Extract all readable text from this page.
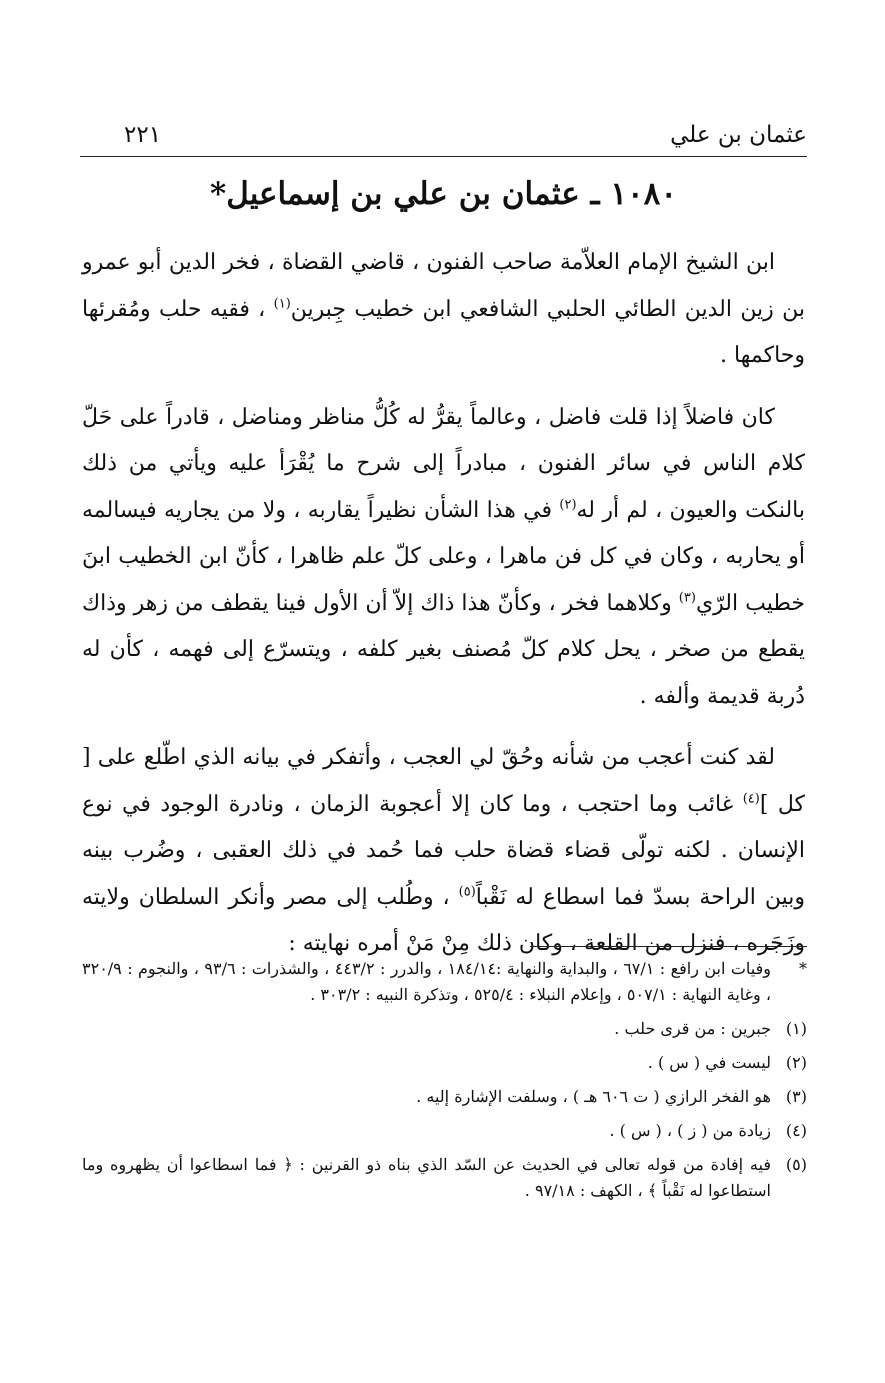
عثمان بن علي
٢٢١
١٠٨٠ ـ عثمان بن علي بن إسماعيل*

ابن الشيخ الإمام العلاّمة صاحب الفنون ، قاضي القضاة ، فخر الدين أبو عمرو بن زين الدين الطائي الحلبي الشافعي ابن خطيب جِبرين$^{(١)}$ ، فقيه حلب ومُقرئها وحاكمها .

كان فاضلاً إذا قلت فاضل ، وعالماً يقرُّ له كُلُّ مناظر ومناضل ، قادراً على حَلّ كلام الناس في سائر الفنون ، مبادراً إلى شرح ما يُقْرَأ عليه ويأتي من ذلك بالنكت والعيون ، لم أر له$^{(٢)}$ في هذا الشأن نظيراً يقاربه ، ولا من يجاريه فيسالمه أو يحاربه ، وكان في كل فن ماهرا ، وعلى كلّ علم ظاهرا ، كأنّ ابن الخطيب ابنَ خطيب الرّي$^{(٣)}$ وكلاهما فخر ، وكأنّ هذا ذاك إلاّ أن الأول فينا يقطف من زهر وذاك يقطع من صخر ، يحل كلام كلّ مُصنف بغير كلفه ، ويتسرّع إلى فهمه ، كأن له دُربة قديمة وألفه .

لقد كنت أعجب من شأنه وحُقّ لي العجب ، وأتفكر في بيانه الذي اطّلع على [ كل ]$^{(٤)}$ غائب وما احتجب ، وما كان إلا أعجوبة الزمان ، ونادرة الوجود في نوع الإنسان . لكنه تولّى قضاء قضاة حلب فما حُمد في ذلك العقبى ، وضُرب بينه وبين الراحة بسدّ فما اسطاع له نَقْباً$^{(٥)}$ ، وطُلب إلى مصر وأنكر السلطان ولايته وزَجَره ، فنزل من القلعة ، وكان ذلك مِنْ مَنْ أمره نهايته :

*
وفيات ابن رافع : ٦٧/١ ، والبداية والنهاية :١٨٤/١٤ ، والدرر : ٤٤٣/٢ ، والشذرات : ٩٣/٦ ، والنجوم : ٣٢٠/٩ ، وغاية النهاية : ٥٠٧/١ ، وإعلام النبلاء : ٥٢٥/٤ ، وتذكرة النبيه : ٣٠٣/٢ .
(١)
جبرين : من قرى حلب .
(٢)
ليست في ( س ) .
(٣)
هو الفخر الرازي ( ت ٦٠٦ هـ ) ، وسلفت الإشارة إليه .
(٤)
زيادة من ( ز ) ، ( س ) .
(٥)
فيه إفادة من قوله تعالى في الحديث عن السّد الذي بناه ذو القرنين : ﴿ فما اسطاعوا أن يظهروه وما استطاعوا له نَقْباً ﴾ ، الكهف : ٩٧/١٨ .
